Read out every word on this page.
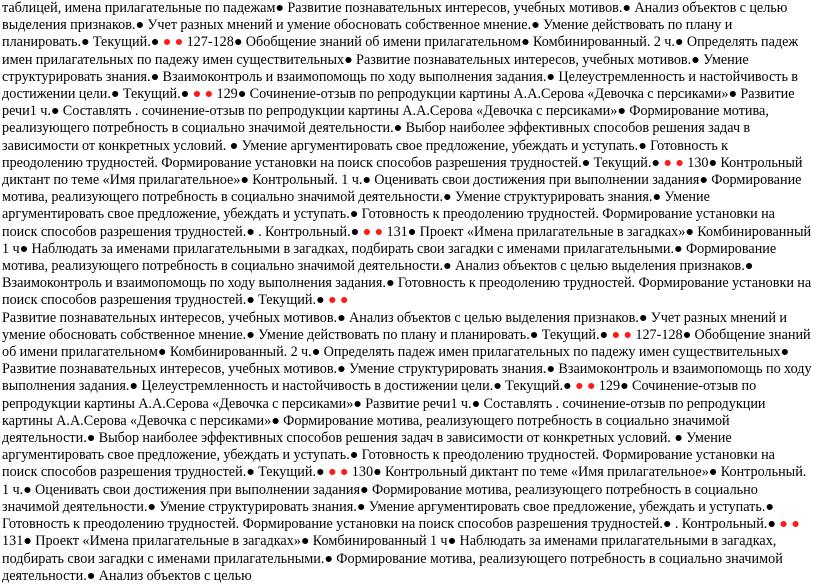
таблицей, имена прилагательные по падежам● Развитие познавательных интересов, учебных мотивов.● Анализ объектов с целью выделения признаков.● Учет разных мнений и умение обосновать собственное мнение.● Умение действовать по плану и планировать.● Текущий.● ● ● 127-128● Обобщение знаний об имени прилагательном● Комбинированный. 2 ч.● Определять падеж имен прилагательных по падежу имен существительных● Развитие познавательных интересов, учебных мотивов.● Умение структурировать знания.● Взаимоконтроль и взаимопомощь по ходу выполнения задания.● Целеустремленность и настойчивость в достижении цели.● Текущий.● ● ● 129● Сочинение-отзыв по репродукции картины А.А.Серова «Девочка с персиками»● Развитие речи1 ч.● Составлять . сочинение-отзыв по репродукции картины А.А.Серова «Девочка с персиками»● Формирование мотива, реализующего потребность в социально значимой деятельности.● Выбор наиболее эффективных способов решения задач в зависимости от конкретных условий. ● Умение аргументировать свое предложение, убеждать и уступать.● Готовность к преодолению трудностей. Формирование установки на поиск способов разрешения трудностей.● Текущий.● ● ● 130● Контрольный диктант по теме «Имя прилагательное»● Контрольный. 1 ч.● Оценивать свои достижения при выполнении задания● Формирование мотива, реализующего потребность в социально значимой деятельности.● Умение структурировать знания.● Умение аргументировать свое предложение, убеждать и уступать.● Готовность к преодолению трудностей. Формирование установки на поиск способов разрешения трудностей.● . Контрольный.● ● ● 131● Проект «Имена прилагательные в загадках»● Комбинированный 1 ч● Наблюдать за именами прилагательными в загадках, подбирать свои загадки с именами прилагательными.● Формирование мотива, реализующего потребность в социально значимой деятельности.● Анализ объектов с целью выделения признаков.● Взаимоконтроль и взаимопомощь по ходу выполнения задания.● Готовность к преодолению трудностей. Формирование установки на поиск способов разрешения трудностей.● Текущий.● ● ●

Развитие познавательных интересов, учебных мотивов.● Анализ объектов с целью выделения признаков.● Учет разных мнений и умение обосновать собственное мнение.● Умение действовать по плану и планировать.● Текущий.● ● ● 127-128● Обобщение знаний об имени прилагательном● Комбинированный. 2 ч.● Определять падеж имен прилагательных по падежу имен существительных● Развитие познавательных интересов, учебных мотивов.● Умение структурировать знания.● Взаимоконтроль и взаимопомощь по ходу выполнения задания.● Целеустремленность и настойчивость в достижении цели.● Текущий.● ● ● 129● Сочинение-отзыв по репродукции картины А.А.Серова «Девочка с персиками»● Развитие речи1 ч.● Составлять . сочинение-отзыв по репродукции картины А.А.Серова «Девочка с персиками»● Формирование мотива, реализующего потребность в социально значимой деятельности.● Выбор наиболее эффективных способов решения задач в зависимости от конкретных условий. ● Умение аргументировать свое предложение, убеждать и уступать.● Готовность к преодолению трудностей. Формирование установки на поиск способов разрешения трудностей.● Текущий.● ● ● 130● Контрольный диктант по теме «Имя прилагательное»● Контрольный. 1 ч.● Оценивать свои достижения при выполнении задания● Формирование мотива, реализующего потребность в социально значимой деятельности.● Умение структурировать знания.● Умение аргументировать свое предложение, убеждать и уступать.● Готовность к преодолению трудностей. Формирование установки на поиск способов разрешения трудностей.● . Контрольный.● ● ● 131● Проект «Имена прилагательные в загадках»● Комбинированный 1 ч● Наблюдать за именами прилагательными в загадках, подбирать свои загадки с именами прилагательными.● Формирование мотива, реализующего потребность в социально значимой деятельности.● Анализ объектов с целью
